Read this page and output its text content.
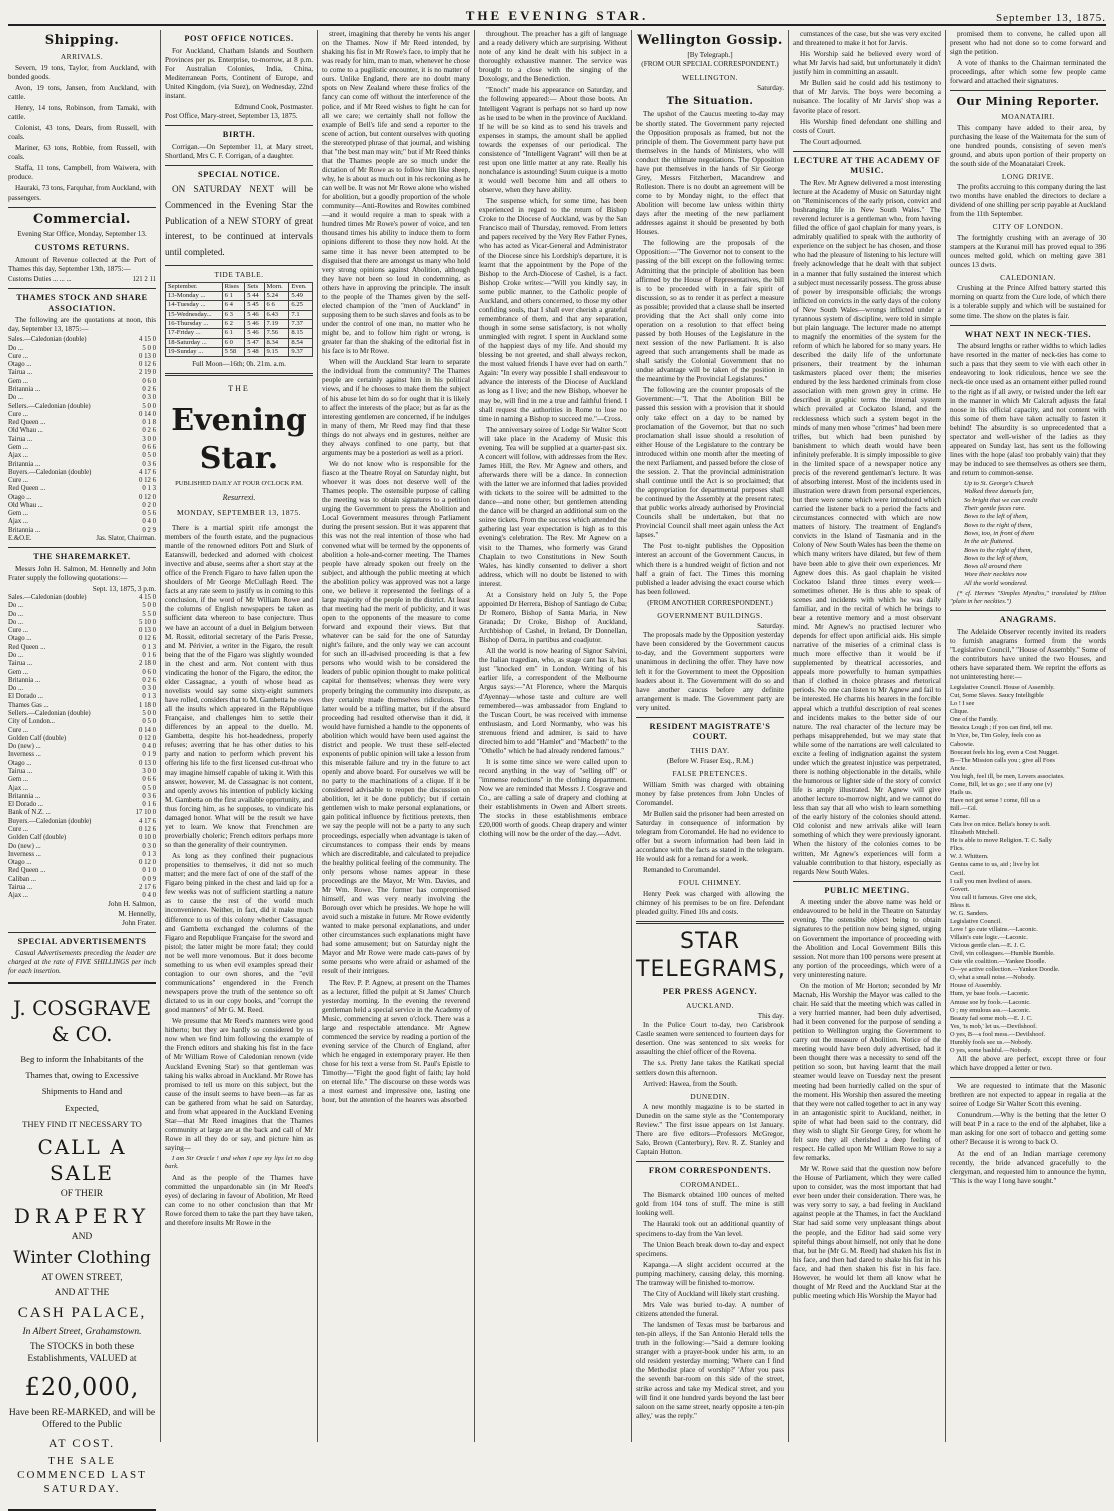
THE EVENING STAR.	September 13, 1875.
Shipping.
ARRIVALS.

Severn, 19 tons, Taylor, from Auckland, with bonded goods.

Avon, 19 tons, Jansen, from Auckland, with cattle.

Henry, 14 tons, Robinson, from Tamaki, with cattle.

Colonist, 43 tons, Dears, from Russell, with coals.

Mariner, 63 tons, Robbie, from Russell, with coals.

Staffa, 11 tons, Campbell, from Waiwera, with produce.

Hauraki, 73 tons, Farquhar, from Auckland, with passengers.

Commercial.
Evening Star Office, Monday, September 13.
CUSTOMS RETURNS.

Amount of Revenue collected at the Port of Thames this day, September 13th, 1875:—

Customs Duties ... ... ...	121 2 11
THAMES STOCK AND SHARE ASSOCIATION.

The following are the quotations at noon, this day, September 13, 1875:—

Sales.—Caledonian (double)	4 15 0
Do ...	5 0 0
Cure ...	0 13 0
Otago ...	0 12 6
Tairua ...	2 19 0
Gem ...	0 6 0
Britannia ...	0 2 6
Do ...	0 3 0
Sellers.—Caledonian (double)	5 0 0
Cure ...	0 14 0
Red Queen ...	0 1 8
Old Whau ...	0 2 6
Tairua ...	3 0 0
Gem ...	0 6 6
Ajax ...	0 5 0
Britannia ...	0 3 6
Buyers.—Caledonian (double)	4 17 6
Cure ...	0 12 6
Red Queen ...	0 1 3
Otago ...	0 12 0
Old Whau ...	0 2 0
Gem ...	0 5 6
Ajax ...	0 4 0
Britannia ...	0 2 9
E.&O.E.	Jas. Slator, Chairman.
THE SHAREMARKET.

Messrs John H. Salmon, M. Hennelly and John Frater supply the following quotations:—

Sept. 13, 1875, 3 p.m.
Sales.—Caledonian (double)	4 15 0
Do ...	5 0 0
Do ...	5 5 0
Do ...	5 10 0
Cure ...	0 13 0
Otago ...	0 12 6
Red Queen ...	0 1 3
Do ...	0 1 6
Tairua ...	2 18 0
Gem ...	0 6 0
Britannia ...	0 2 6
Do ...	0 3 0
El Dorado ...	0 1 3
Thames Gas ...	1 18 0
Sellers.—Caledonian (double)	5 0 0
City of London...	0 5 0
Cure ...	0 14 0
Golden Calf (double)	0 12 0
Do (new) ...	0 4 0
Inverness ...	0 1 9
Otago ...	0 13 0
Tairua ...	3 0 0
Gem ...	0 6 6
Ajax ...	0 5 0
Britannia ...	0 3 6
El Dorado ...	0 1 6
Bank of N.Z. ...	17 10 0
Buyers.—Caledonian (double)	4 17 6
Cure ...	0 12 6
Golden Calf (double)	0 10 0
Do (new) ...	0 3 0
Inverness ...	0 1 3
Otago ...	0 12 0
Red Queen ...	0 1 0
Caliban ...	0 0 9
Tairua ...	2 17 6
Ajax ...	0 4 0
John H. Salmon,
M. Hennelly,
John Frater.
SPECIAL ADVERTISEMENTS

Casual Advertisements preceding the leader are charged at the rate of FIVE SHILLINGS per inch for each insertion.

J. COSGRAVE & CO.
Beg to inform the Inhabitants of the
Thames that, owing to Excessive
Shipments to Hand and
Expected,
THEY FIND IT NECESSARY TO
CALL A SALE
OF THEIR
DRAPERY
AND
Winter Clothing
AT OWEN STREET,
AND AT THE
CASH PALACE,
In Albert Street, Grahamstown.
The STOCKS in both these Establishments, VALUED at
£20,000,
Have been RE-MARKED, and will be Offered to the Public
AT COST.
THE SALE COMMENCED LAST SATURDAY.
POST OFFICE NOTICES.

For Auckland, Chatham Islands and Southern Provinces per ps. Enterprise, to-morrow, at 8 p.m. For Australian Colonies, India, China, Mediterranean Ports, Continent of Europe, and United Kingdom, (via Suez), on Wednesday, 22nd instant.

Edmund Cook, Postmaster.
Post Office, Mary-street, September 13, 1875.
BIRTH.

Corrigan.—On September 11, at Mary street, Shortland, Mrs C. F. Corrigan, of a daughter.

SPECIAL NOTICE.

ON SATURDAY NEXT will be Commenced in the Evening Star the Publication of a NEW STORY of great interest, to be continued at intervals until completed.

TIDE TABLE.
September.	Rises	Sets	Morn.	Even.
13-Monday ...	6 1	5 44	5.24	5.49
14-Tuesday ...	6 4	5 45	6 6	6.25
15-Wednesday...	6 3	5 46	6.43	7.1
16-Thursday ...	6 2	5 46	7.19	7.37
17-Friday ...	6 1	5 46	7.56	8.15
18-Saturday ...	6 0	5 47	8.34	8.54
19-Sunday ...	5 58	5 48	9.15	9.37
Full Moon—16th; 0h. 21m. a.m.
THE
Evening Star.
PUBLISHED DAILY AT FOUR O'CLOCK P.M.
Resurrexi.
MONDAY, SEPTEMBER 13, 1875.

There is a martial spirit rife amongst the members of the fourth estate, and the pugnacious mantle of the renowned editors Pott and Slurk of Eatanswill, bedecked and adorned with choicest invective and abuse, seems after a short stay at the office of the French Figaro to have fallen upon the shoulders of Mr George McCullagh Reed. The facts at any rate seem to justify us in coming to this conclusion, if the word of Mr William Rowe and the columns of English newspapers be taken as sufficient data whereon to base conjecture. Thus we have an account of a duel in Belgium between M. Rossit, editorial secretary of the Paris Presse, and M. Périvier, a writer in the Figaro, the result being that the of the Figaro was slightly wounded in the chest and arm. Not content with thus vindicating the honor of the Figaro, the editor, the elder Cassagnac, a youth of whose head as novelists would say some sixty-eight summers have rolled, considers that to M. Gambetta he owes all the insults which appeared in the République Française, and challenges him to settle their differences by an appeal to the duello. M. Gambetta, despite his hot-headedness, properly refuses; averring that he has other duties to his party and nation to perform which prevent his offering his life to the first licensed cut-throat who may imagine himself capable of taking it. With this answer, however, M. de Cassagnac is not content, and openly avows his intention of publicly kicking M. Gambetta on the first available opportunity, and thus forcing him, as he supposes, to vindicate his damaged honor. What will be the result we have yet to learn. We know that Frenchmen are proverbially choleric; French editors perhaps more so than the generality of their countrymen.

As long as they confined their pugnacious propensities to themselves, it did not so much matter; and the mere fact of one of the staff of the Figaro being pinked in the chest and laid up for a few weeks was not of sufficient startling a nature as to cause the rest of the world much inconvenience. Neither, in fact, did it make much difference to us of this colony whether Cassagnac and Gambetta exchanged the columns of the Figaro and Republique Française for the sword and pistol; the latter might be more fatal; they could not be well more venomous. But it does become something to us when evil examples spread their contagion to our own shores, and the "evil communications" engendered in the French newspapers prove the truth of the sentence so oft dictated to us in our copy books, and "corrupt the good manners" of Mr G. M. Reed.

We presume that Mr Reed's manners were good hitherto; but they are hardly so considered by us now when we find him following the example of the French editors and shaking his fist in the face of Mr William Rowe of Caledonian renown (vide Auckland Evening Star) so that gentleman was taking his walks abroad in Auckland. Mr Rowe has promised to tell us more on this subject, but the cause of the insult seems to have been—as far as can be gathered from what he said on Saturday, and from what appeared in the Auckland Evening Star—that Mr Reed imagines that the Thames community at large are at the back and call of Mr Rowe in all they do or say, and picture him as saying—

I am Sir Oracle ! and when I ope my lips let no dog bark.

And as the people of the Thames have committed the unpardonable sin (in Mr Reed's eyes) of declaring in favour of Abolition, Mr Reed can come to no other conclusion than that Mr Rowe forced them to take the part they have taken, and therefore insults Mr Rowe in the

street, imagining that thereby he vents his anger on the Thames. Now if Mr Reed intended, by shaking his fist in Mr Rowe's face, to imply that he was ready for him, man to man, whenever he chose to come to a pugilistic encounter, it is no matter of ours. Unlike England, there are no doubt many spots on New Zealand where these frolics of the fancy can come off without the interference of the police, and if Mr Reed wishes to fight he can for all we care; we certainly shall not follow the example of Bell's life and send a reporter to the scene of action, but content ourselves with quoting the stereotyped phrase of that journal, and wishing that "the best man may win;" but if Mr Reed thinks that the Thames people are so much under the dictation of Mr Rowe as to follow him like sheep, why, he is about as much out in his reckoning as he can well be. It was not Mr Rowe alone who wished for abolition, but a goodly proportion of the whole community—Anti-Rowites and Rowites combined—and it would require a man to speak with a hundred times Mr Rowe's power of voice, and ten thousand times his ability to induce them to form opinions different to those they now hold. At the same time it has never been attempted to be disguised that there are amongst us many who hold very strong opinions against Abolition, although they have not been so loud in condemning, as others have in approving the principle. The insult to the people of the Thames given by the self-elected champion of the "men of Auckland" in supposing them to be such slaves and fools as to be under the control of one man, no matter who he might be, and to follow him right or wrong, is greater far than the shaking of the editorial fist in his face is to Mr Rowe.

When will the Auckland Star learn to separate the individual from the community? The Thames people are certainly against him in his political views, and if he chooses to make them the subject of his abuse let him do so for ought that it is likely to affect the interests of the place; but as far as the interesting gentlemen are concerned, if he indulges in many of them, Mr Reed may find that these things do not always end in gestures, neither are they always confined to one party, but that arguments may be a posteriori as well as a priori.

We do not know who is responsible for the fiasco at the Theatre Royal on Saturday night, but whoever it was does not deserve well of the Thames people. The ostensible purpose of calling the meeting was to obtain signatures to a petition urging the Government to press the Abolition and Local Government measures through Parliament during the present session. But it was apparent that this was not the real intention of those who had convened what will be termed by the opponents of abolition a hole-and-corner meeting. The Thames people have already spoken out freely on the subject, and although the public meeting at which the abolition policy was approved was not a large one, we believe it represented the feelings of a large majority of the people in the district. At least that meeting had the merit of publicity, and it was open to the opponents of the measure to come forward and expound their views. But that whatever can be said for the one of Saturday night's failure, and the only way we can account for such an ill-advised proceeding is that a few persons who would wish to be considered the leaders of public opinion thought to make political capital for themselves; whereas they were very properly bringing the community into disrepute, as they certainly made themselves ridiculous. The latter would be a trifling matter, but if the absurd proceeding had resulted otherwise than it did, it would have furnished a handle to the opponents of abolition which would have been used against the district and people. We trust these self-elected exponents of public opinion will take a lesson from this miserable failure and try in the future to act openly and above board. For ourselves we will be no party to the machinations of a clique. If it be considered advisable to reopen the discussion on abolition, let it be done publicly; but if certain gentlemen wish to make personal explanations, or gain political influence by fictitious pretexts, then we say the people will not be a party to any such proceedings, especially when advantage is taken of circumstances to compass their ends by means which are discreditable, and calculated to prejudice the healthy political feeling of the community. The only persons whose names appear in these proceedings are the Mayor, Mr Wm. Davies, and Mr Wm. Rowe. The former has compromised himself, and was very nearly involving the Borough over which he presides. We hope he will avoid such a mistake in future. Mr Rowe evidently wanted to make personal explanations, and under other circumstances such explanations might have had some amusement; but on Saturday night the Mayor and Mr Rowe were made cats-paws of by some persons who were afraid or ashamed of the result of their intrigues.

The Rev. P. P. Agnew, at present on the Thames as a lecturer, filled the pulpit at St James' Church yesterday morning. In the evening the reverend gentleman held a special service in the Academy of Music, commencing at seven o'clock. There was a large and respectable attendance. Mr Agnew commenced the service by reading a portion of the evening service of the Church of England, after which he engaged in extemporary prayer. He then chose for his text a verse from St. Paul's Epistle to Timothy—"Fight the good fight of faith; lay hold on eternal life." The discourse on these words was a most earnest and impressive one, lasting one hour, but the attention of the hearers was absorbed

throughout. The preacher has a gift of language and a ready delivery which are surprising. Without note of any kind he dealt with his subject in a thoroughly exhaustive manner. The service was brought to a close with the singing of the Doxology, and the Benediction.

"Enoch" made his appearance on Saturday, and the following appeared:— About those boots. An Intelligent Vagrant is perhaps not so hard up now as he used to be when in the province of Auckland. If he will be so kind as to send his travels and expenses in stamps, the amount shall be applied towards the expenses of our periodical. The consistence of "Intelligent Vagrant" will then be at rest upon one little matter at any rate. Really his nonchalance is astounding! Suum cuique is a motto it would well become him and all others to observe, when they have ability.

The suspense which, for some time, has been experienced in regard to the return of Bishop Croke to the Diocese of Auckland, was by the San Francisco mail of Thursday, removed. From letters and papers received by the Very Rev Father Fynes, who has acted as Vicar-General and Administrator of the Diocese since his Lordship's departure, it is learnt that the appointment by the Pope of the Bishop to the Arch-Diocese of Cashel, is a fact. Bishop Croke writes:—"Will you kindly say, in some public manner, to the Catholic people of Auckland, and others concerned, to those my other confiding souls, that I shall ever cherish a grateful remembrance of them, and that any separation, though in some sense satisfactory, is not wholly unmingled with regret. I spent in Auckland some of the happiest days of my life. And should my blessing be not greeted, and shall always reckon, the most valued friends I have ever had on earth." Again: "In every way possible I shall endeavour to advance the interests of the Diocese of Auckland as long as I live; and the new Bishop, whoever he may be, will find in me a true and faithful friend. I shall request the authorities in Rome to lose no time in naming a Bishop to succeed me."—Cross.

The anniversary soiree of Lodge Sir Walter Scott will take place in the Academy of Music this evening. Tea will be supplied at a quarter-past six. A concert will follow, with addresses from the Rev. James Hill, the Rev. Mr Agnew and others, and afterwards there will be a dance. In connection with the latter we are informed that ladies provided with tickets to the soiree will be admitted to the dance—and none other; but gentlemen attending the dance will be charged an additional sum on the soiree tickets. From the success which attended the gathering last year expectation is high as to this evening's celebration. The Rev. Mr Agnew on a visit to the Thames, who formerly was Grand Chaplain to two Constitutions in New South Wales, has kindly consented to deliver a short address, which will no doubt be listened to with interest.

At a Consistory held on July 5, the Pope appointed Dr Herrera, Bishop of Santiago de Cuba; Dr Romero, Bishop of Santa Maria, in New Granada; Dr Croke, Bishop of Auckland, Archbishop of Cashel, in Ireland, Dr Donnellan, Bishop of Derra, in partibus and coadjutor.

All the world is now hearing of Signor Salvini, the Italian tragedian, who, as stage cant has it, has just "knocked em" in London. Writing of his earlier life, a correspondent of the Melbourne Argus says:—"At Florence, where the Marquis d'Ayennay—whose taste and culture are well remembered—was ambassador from England to the Tuscan Court, he was received with immense enthusiasm, and Lord Normanby, who was his strenuous friend and admirer, is said to have directed him to add "Hamlet" and "Macbeth" to the "Othello" which he had already rendered famous."

It is some time since we were called upon to record anything in the way of "selling off" or "immense reductions" in the clothing department. Now we are reminded that Messrs J. Cosgrave and Co., are calling a sale of drapery and clothing at their establishments in Owen and Albert streets. The stocks in these establishments embrace £20,000 worth of goods. Cheap drapery and winter clothing will now be the order of the day.—Advt.

Wellington Gossip.
[By Telegraph.]
(FROM OUR SPECIAL CORRESPONDENT.)
WELLINGTON.
Saturday.
The Situation.

The upshot of the Caucus meeting to-day may be shortly stated. The Government party rejected the Opposition proposals as framed, but not the principle of them. The Government party have put themselves in the hands of Ministers, who will conduct the ultimate negotiations. The Opposition have put themselves in the hands of Sir George Grey, Messrs Fitzherbert, Macandrew and Rolleston. There is no doubt an agreement will be come to by Monday night, to the effect that Abolition will become law unless within thirty days after the meeting of the new parliament addresses against it should be presented by both Houses.

The following are the proposals of the Opposition:—"The Governor not to consent to the passing of the bill except on the following terms: Admitting that the principle of abolition has been affirmed by the House of Representatives, the bill is to be proceeded with in a fair spirit of discussion, so as to render it as perfect a measure as possible; provided that a clause shall be inserted providing that the Act shall only come into operation on a resolution to that effect being passed by both Houses of the Legislature in the next session of the new Parliament. It is also agreed that such arrangements shall be made as shall satisfy the Colonial Government that no undue advantage will be taken of the position in the meantime by the Provincial Legislatures."

The following are the counter proposals of the Government:—"I. That the Abolition Bill be passed this session with a provision that it should only take effect on a day to be named by proclamation of the Governor, but that no such proclamation shall issue should a resolution of either House of the Legislature to the contrary be introduced within one month after the meeting of the next Parliament, and passed before the close of the session. 2. That the provincial administration shall continue until the Act is so proclaimed; that the appropriation for departmental purposes shall be continued by the Assembly at the present rates; that public works already authorised by Provincial Councils shall be undertaken, but that no Provincial Council shall meet again unless the Act lapses."

The Post to-night publishes the Opposition interest an account of the Government Caucus, in which there is a hundred weight of fiction and not half a grain of fact. The Times this morning published a leader advising the exact course which has been followed.

(FROM ANOTHER CORRESPONDENT.)
GOVERNMENT BUILDINGS.
Saturday.

The proposals made by the Opposition yesterday have been considered by the Government caucus to-day, and the Government supporters were unanimous in declining the offer. They have now left it for the Government to meet the Opposition leaders about it. The Government will do so and have another caucus before any definite arrangement is made. The Government party are very united.

RESIDENT MAGISTRATE'S COURT.
THIS DAY.
(Before W. Fraser Esq., R.M.)
FALSE PRETENCES.

William Smith was charged with obtaining money by false pretences from John Uncles of Coromandel.

Mr Bullen said the prisoner had been arrested on Saturday in consequence of information by telegram from Coromandel. He had no evidence to offer but a sworn information had been laid in accordance with the facts as stated in the telegram. He would ask for a remand for a week.

Remanded to Coromandel.

FOUL CHIMNEY.

Henry Peek was charged with allowing the chimney of his premises to be on fire. Defendant pleaded guilty. Fined 10s and costs.

STAR TELEGRAMS,
PER PRESS AGENCY.
AUCKLAND.
This day.

In the Police Court to-day, two Carisbrook Castle seamen were sentenced to fourteen days for desertion. One was sentenced to six weeks for assaulting the chief officer of the Rovena.

The s.s. Pretty Jane takes the Katikati special settlers down this afternoon.

Arrived: Hawea, from the South.

DUNEDIN.

A new monthly magazine is to be started in Dunedin on the same style as the "Contemporary Review." The first issue appears on 1st January. There are five editors—Professors McGregor, Salo, Brown (Canterbury), Rev. R. Z. Stanley and Captain Hutton.

FROM CORRESPONDENTS.
COROMANDEL.

The Bismarck obtained 100 ounces of melted gold from 104 tons of stuff. The mine is still looking well.

The Hauraki took out an additional quantity of specimens to-day from the Van level.

The Union Beach break down to-day and expect specimens.

Kapanga.—A slight accident occurred at the pumping machinery, causing delay, this morning. The tramway will be finished to-morrow.

The City of Auckland will likely start crushing.

Mrs Vale was buried to-day. A number of citizens attended the funeral.

The landsmen of Texas must be barbarous and ten-pin alleys, if the San Antonio Herald tells the truth in the following:—"Said a demure looking stranger with a prayer-book under his arm, to an old resident yesterday morning; 'Where can I find the Methodist place of worship?' 'After you pass the seventh bar-room on this side of the street, strike across and take my Medical street, and you will find it one hundred yards beyond the last beer saloon on the same street, nearly opposite a ten-pin alley,' was the reply."

cumstances of the case, but she was very excited and threatened to make it hot for Jarvis.

His Worship said he believed every word of what Mr Jarvis had said, but unfortunately it didn't justify him in committing an assault.

Mr Bullen said he could add his testimony to that of Mr Jarvis. The boys were becoming a nuisance. The locality of Mr Jarvis' shop was a favorite place of resort.

His Worship fined defendant one shilling and costs of Court.

The Court adjourned.

LECTURE AT THE ACADEMY OF MUSIC.

The Rev. Mr Agnew delivered a most interesting lecture at the Academy of Music on Saturday night on "Reminiscences of the early prison, convict and bushranging life in New South Wales." The reverend lecturer is a gentleman who, from having filled the office of gaol chaplain for many years, is admirably qualified to speak with the authority of experience on the subject he has chosen, and those who had the pleasure of listening to his lecture will freely acknowledge that he dealt with that subject in a manner that fully sustained the interest which a subject must necessarily possess. The gross abuse of power by irresponsible officials; the wrongs inflicted on convicts in the early days of the colony of New South Wales—wrongs inflicted under a tyrannous system of discipline, were told in simple but plain language. The lecturer made no attempt to magnify the enormities of the system for the reform of which he labored for so many years. He described the daily life of the unfortunate prisoners, their treatment by the inhuman taskmasters placed over them; the miseries endured by the less hardened criminals from close association with men grown grey in crime. He described in graphic terms the internal system which prevailed at Cockatoo Island, and the recklessness which such a system begot in the minds of many men whose "crimes" had been mere trifles, but which had been punished by banishment to which death would have been infinitely preferable. It is simply impossible to give in the limited space of a newspaper notice any precis of the reverend gentleman's lecture. It was of absorbing interest. Most of the incidents used in illustration were drawn from personal experiences, but there were some which were introduced which carried the listener back to a period the facts and circumstances connected with which are now matters of history. The treatment of England's convicts in the Island of Tasmania and in the Colony of New South Wales has been the theme on which many writers have dilated, but few of them have been able to give their own experiences. Mr Agnew does this. As gaol chaplain he visited Cockatoo Island three times every week—sometimes oftener. He is thus able to speak of scenes and incidents with which he was daily familiar, and in the recital of which he brings to bear a retentive memory and a most observant mind. Mr Agnew's no practised lecturer who depends for effect upon artificial aids. His simple narrative of the miseries of a criminal class is much more effective than it would be if supplemented by theatrical accessories, and appeals more powerfully to human sympathies than if clothed in choice phrases and rhetorical periods. No one can listen to Mr Agnew and fail to be interested. He charms his hearers in the forcible appeal which a truthful description of real scenes and incidents makes to the better side of our nature. The real character of the lecture may be perhaps misapprehended, but we may state that while some of the narrations are well calculated to excite a feeling of indignation against the system under which the greatest injustice was perpetrated, there is nothing objectionable in the details, while the humorous or lighter side of the story of convict life is amply illustrated. Mr Agnew will give another lecture to-morrow night, and we cannot do less than say that all who wish to learn something of the early history of the colonies should attend. Old colonist and new arrivals alike will learn something of which they were previously ignorant. When the history of the colonies comes to be written, Mr Agnew's experiences will form a valuable contribution to that history, especially as regards New South Wales.

PUBLIC MEETING.

A meeting under the above name was held or endeavoured to be held in the Theatre on Saturday evening. The ostensible object being to obtain signatures to the petition now being signed, urging on Government the importance of proceeding with the Abolition and Local Government Bills this session. Not more than 100 persons were present at any portion of the proceedings, which were of a very uninteresting nature.

On the motion of Mr Horton; seconded by Mr Macnab, His Worship the Mayor was called to the chair. He said that the meeting which was called in a very hurried manner, had been duly advertised, had it been convened for the purpose of sending a petition to Wellington urging the Government to carry out the measure of Abolition. Notice of the meeting would have been duly advertised, had it been thought there was a necessity to send off the petition so soon, but having learnt that the mail steamer would leave on Tuesday next the present meeting had been hurriedly called on the spur of the moment. His Worship then assured the meeting that they were not called together to act in any way in an antagonistic spirit to Auckland, neither, in spite of what had been said to the contrary, did they wish to slight Sir George Grey, for whom he felt sure they all cherished a deep feeling of respect. He called upon Mr William Rowe to say a few remarks.

Mr W. Rowe said that the question now before the House of Parliament, which they were called upon to consider, was the most important that had ever been under their consideration. There was, he was very sorry to say, a bad feeling in Auckland against people at the Thames, in fact the Auckland Star had said some very unpleasant things about the people, and the Editor had said some very spiteful things about himself, not only that he done that, but he (Mr G. M. Reed) had shaken his fist in his face, and then had dared to shake his fist in his face, and had then shaken his fist in his face. However, he would let them all know what he thought of Mr Reed and the Auckland Star at the public meeting which His Worship the Mayor had

promised them to convene, he called upon all present who had not done so to come forward and sign the petition.

A vote of thanks to the Chairman terminated the proceedings, after which some few people came forward and attached their signatures.

Our Mining Reporter.
MOANATAIRI.

This company have added to their area, by purchasing the lease of the Waitemata for the sum of one hundred pounds, consisting of seven men's ground, and abuts upon portion of their property on the south side of the Moanataiari Creek.

LONG DRIVE.

The profits accruing to this company during the last two months have enabled the directors to declare a dividend of one shilling per scrip payable at Auckland from the 11th September.

CITY OF LONDON.

The fortnightly crushing with an average of 30 stampers at the Kuranui mill has proved equal to 396 ounces melted gold, which on melting gave 381 ounces 13 dwts.

CALEDONIAN.

Crushing at the Prince Alfred battery started this morning on quartz from the Cure lode, of which there is a tolerable supply and which will be sustained for some time. The show on the plates is fair.

WHAT NEXT IN NECK-TIES.

The absurd lengths or rather widths to which ladies have resorted in the matter of neck-ties has come to such a pass that they seem to vie with each other in endeavoring to look ridiculous, hence we see the neck-tie once used as an ornament either pulled round to the right as if all awry, or twisted under the left ear in the manner in which Mr Calcraft adjusts the fatal noose in his official capacity, and not content with this some of them have taken actually to fasten it behind! The absurdity is so unprecedented that a spectator and well-wisher of the ladies as they appeared on Sunday last, has sent us the following lines with the hope (alas! too probably vain) that they may be induced to see themselves as others see them, and return to common-sense.

Up to St. George's Church
Walked three damsels fair,
So bright that we can credit
Their gentle faces rare.
Bows to the left of them,
Bows to the right of them,
Bows, too, in front of them
In the air fluttered.
Bows to the right of them,
Bows to the left of them,
Bows all around them
Wore their neckties now
All the world wondered.

(* cf. Hermes "Simples Myndiss," translated by Hilton "plain in her neckties.")

ANAGRAMS.

The Adelaide Observer recently invited its readers to furnish anagrams formed from the words "Legislative Council," "House of Assembly." Some of the contributors have united the two Houses, and others have separated them. We reprint the efforts as not uninteresting here:—

Legislative Council. House of Assembly.
Cut, Some Slaves. Saucy Intelligible
Lo ! I see
Clique.
One of the Family.
Bessica Lough ; if you can find, tell me.
In Vice, be, Tim Goley, feels coo as
Cabowie.
Boucaut feels his log, even a Cost Nugget.
B—The Mission calls you ; give all Foes
Ancie.
You high, feel ill, be men, Lovers associates.
Come, Bill, let us go ; see if any one (v)
Hails us.
Have not got sense ! come, fill us a
Bill.—Gil.
Karnac.
Cats live on mice. Bella's honey is soft.
Elizabeth Mitchell.
He is able to move Religion. T. C. Sally
Flics.
W. J. Whittern.
Genius came to us, aid ; live by lot
Cecil.
I call you men liveliest of asses.
Govert.
You call it famous. Give one sick,
Bless it.
W. G. Sanders.
Legislative Council.
Love ! go cute villains.—Laconic.
Villain's cute logic.—Laconic.
Vicious gentle clan.—E. J. C.
Civil, vin colleagues.—Humble Bumble.
Cute vile coalition.—Yankee Doodle.
O—ye active collection.—Yankee Doodle.
O, what a small noise.—Nobody.
House of Assembly.
Hum, ye base fools.—Laconic.
Amuse soe by fools.—Laconic.
O ; my emulous ass.—Laconic.
Beauty fad some mob.—E. J. C.
Yes, 'is mob,' let us.—Devilshoof.
O yes, B—s fool mess.—Devilshoof.
Humbly fools see us.—Nobody.
O yes, some bashful.—Nobody.

All the above are perfect, except three or four which have dropped a letter or two.

We are requested to intimate that the Masonic brethren are not expected to appear in regalia at the soiree of Lodge Sir Walter Scott this evening.

Conundrum.—Why is the betting that the letter O will beat P in a race to the end of the alphabet, like a man asking for one sort of tobacco and getting some other? Because it is wrong to back O.

At the end of an Indian marriage ceremony recently, the bride advanced gracefully to the clergyman, and requested him to announce the hymn, "This is the way I long have sought."
